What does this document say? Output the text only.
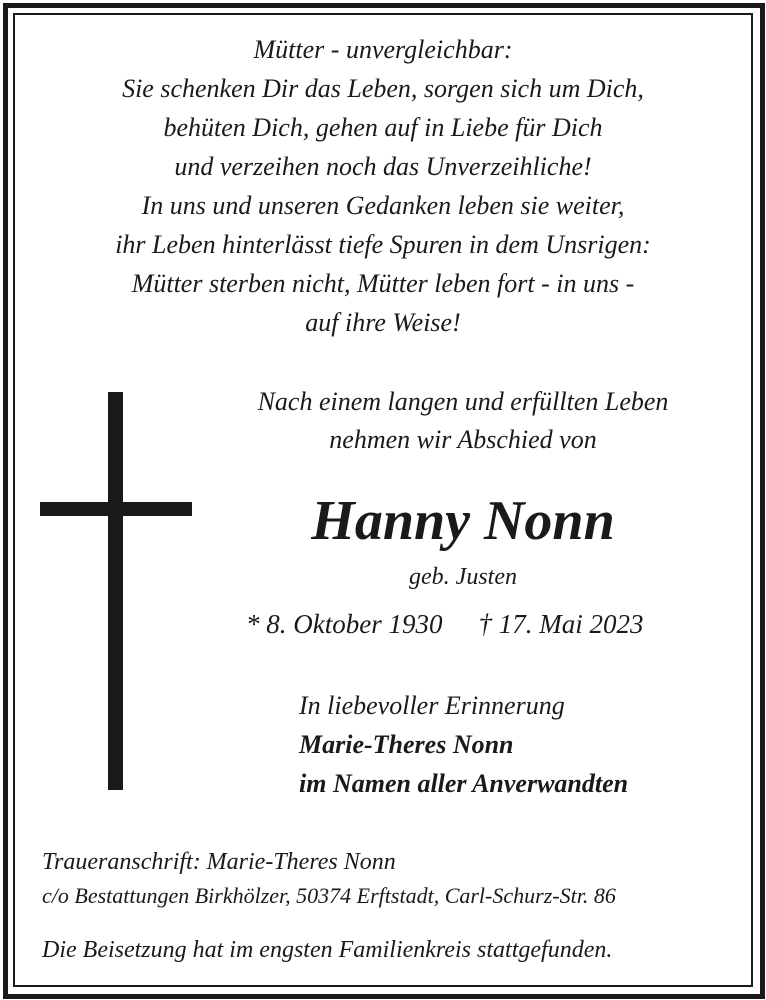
Mütter - unvergleichbar:
Sie schenken Dir das Leben, sorgen sich um Dich,
behüten Dich, gehen auf in Liebe für Dich
und verzeihen noch das Unverzeihliche!
In uns und unseren Gedanken leben sie weiter,
ihr Leben hinterlässt tiefe Spuren in dem Unsrigen:
Mütter sterben nicht, Mütter leben fort - in uns -
auf ihre Weise!
Nach einem langen und erfüllten Leben
nehmen wir Abschied von
Hanny Nonn
geb. Justen
* 8. Oktober 1930 † 17. Mai 2023
In liebevoller Erinnerung
Marie-Theres Nonn
im Namen aller Anverwandten
Traueranschrift: Marie-Theres Nonn
c/o Bestattungen Birkhölzer, 50374 Erftstadt, Carl-Schurz-Str. 86
Die Beisetzung hat im engsten Familienkreis stattgefunden.
